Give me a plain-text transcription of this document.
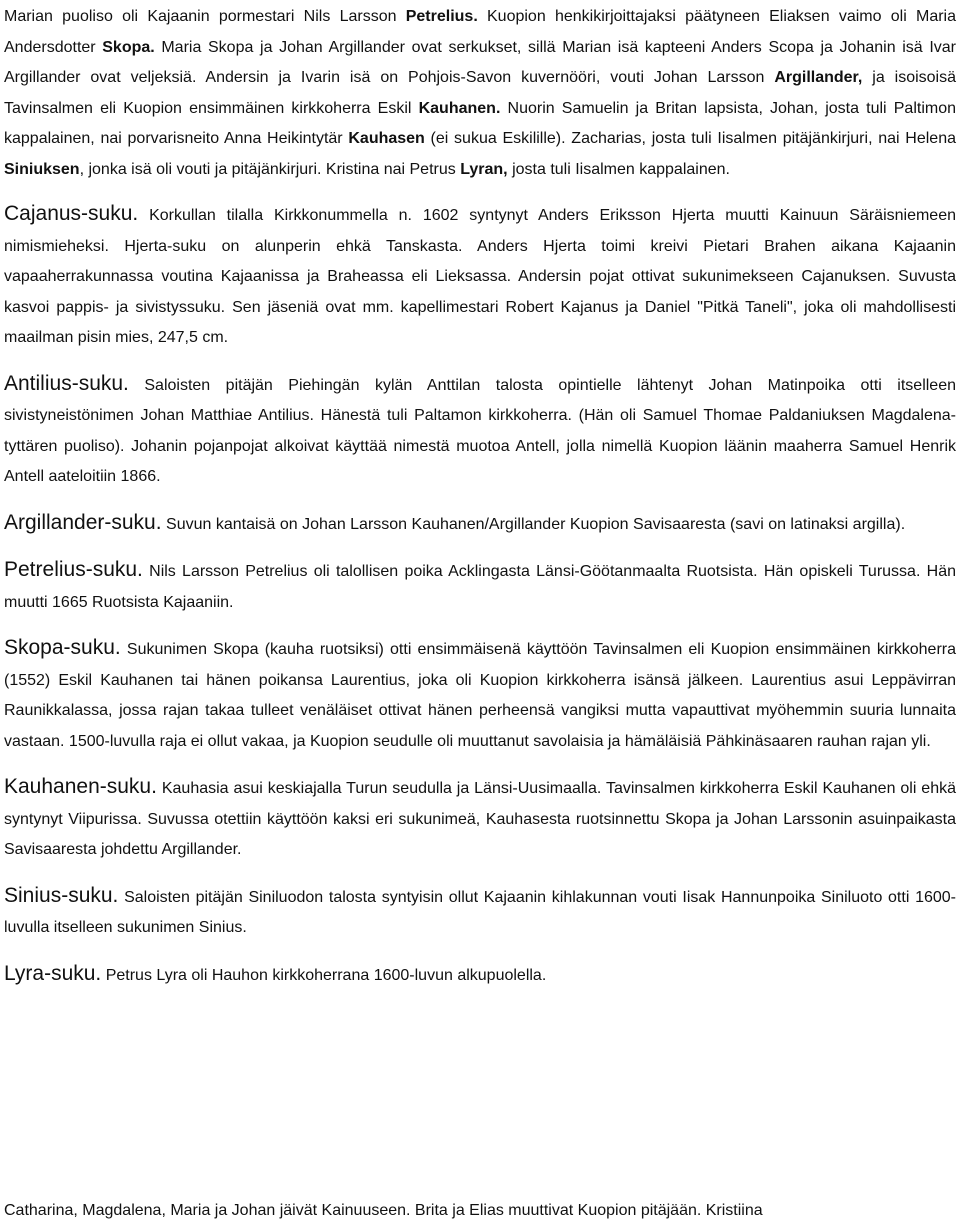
Marian puoliso oli Kajaanin pormestari Nils Larsson Petrelius. Kuopion henkikirjoittajaksi päätyneen Eliaksen vaimo oli Maria Andersdotter Skopa. Maria Skopa ja Johan Argillander ovat serkukset, sillä Marian isä kapteeni Anders Scopa ja Johanin isä Ivar Argillander ovat veljeksiä. Andersin ja Ivarin isä on Pohjois-Savon kuvernööri, vouti Johan Larsson Argillander, ja isoisoisä Tavinsalmen eli Kuopion ensimmäinen kirkkoherra Eskil Kauhanen. Nuorin Samuelin ja Britan lapsista, Johan, josta tuli Paltimon kappalainen, nai porvarisneito Anna Heikintytär Kauhasen (ei sukua Eskilille). Zacharias, josta tuli Iisalmen pitäjänkirjuri, nai Helena Siniuksen, jonka isä oli vouti ja pitäjänkirjuri. Kristina nai Petrus Lyran, josta tuli Iisalmen kappalainen.

Cajanus-suku. Korkullan tilalla Kirkkonummella n. 1602 syntynyt Anders Eriksson Hjerta muutti Kainuun Säräisniemeen nimismieheksi. Hjerta-suku on alunperin ehkä Tanskasta. Anders Hjerta toimi kreivi Pietari Brahen aikana Kajaanin vapaaherrakunnassa voutina Kajaanissa ja Braheassa eli Lieksassa. Andersin pojat ottivat sukunimekseen Cajanuksen. Suvusta kasvoi pappis- ja sivistyssuku. Sen jäseniä ovat mm. kapellimestari Robert Kajanus ja Daniel "Pitkä Taneli", joka oli mahdollisesti maailman pisin mies, 247,5 cm.

Antilius-suku. Saloisten pitäjän Piehingän kylän Anttilan talosta opintielle lähtenyt Johan Matinpoika otti itselleen sivistyneistönimen Johan Matthiae Antilius. Hänestä tuli Paltamon kirkkoherra. (Hän oli Samuel Thomae Paldaniuksen Magdalena-tyttären puoliso). Johanin pojanpojat alkoivat käyttää nimestä muotoa Antell, jolla nimellä Kuopion läänin maaherra Samuel Henrik Antell aateloitiin 1866.

Argillander-suku. Suvun kantaisä on Johan Larsson Kauhanen/Argillander Kuopion Savisaaresta (savi on latinaksi argilla).

Petrelius-suku. Nils Larsson Petrelius oli talollisen poika Acklingasta Länsi-Göötanmaalta Ruotsista. Hän opiskeli Turussa. Hän muutti 1665 Ruotsista Kajaaniin.

Skopa-suku. Sukunimen Skopa (kauha ruotsiksi) otti ensimmäisenä käyttöön Tavinsalmen eli Kuopion ensimmäinen kirkkoherra (1552) Eskil Kauhanen tai hänen poikansa Laurentius, joka oli Kuopion kirkkoherra isänsä jälkeen. Laurentius asui Leppävirran Raunikkalassa, jossa rajan takaa tulleet venäläiset ottivat hänen perheensä vangiksi mutta vapauttivat myöhemmin suuria lunnaita vastaan. 1500-luvulla raja ei ollut vakaa, ja Kuopion seudulle oli muuttanut savolaisia ja hämäläisiä Pähkinäsaaren rauhan rajan yli.

Kauhanen-suku. Kauhasia asui keskiajalla Turun seudulla ja Länsi-Uusimaalla. Tavinsalmen kirkkoherra Eskil Kauhanen oli ehkä syntynyt Viipurissa. Suvussa otettiin käyttöön kaksi eri sukunimeä, Kauhasesta ruotsinnettu Skopa ja Johan Larssonin asuinpaikasta Savisaaresta johdettu Argillander.

Sinius-suku. Saloisten pitäjän Siniluodon talosta syntyisin ollut Kajaanin kihlakunnan vouti Iisak Hannunpoika Siniluoto otti 1600-luvulla itselleen sukunimen Sinius.

Lyra-suku. Petrus Lyra oli Hauhon kirkkoherrana 1600-luvun alkupuolella.

Catharina, Magdalena, Maria ja Johan jäivät Kainuuseen. Brita ja Elias muuttivat Kuopion pitäjään. Kristiina
